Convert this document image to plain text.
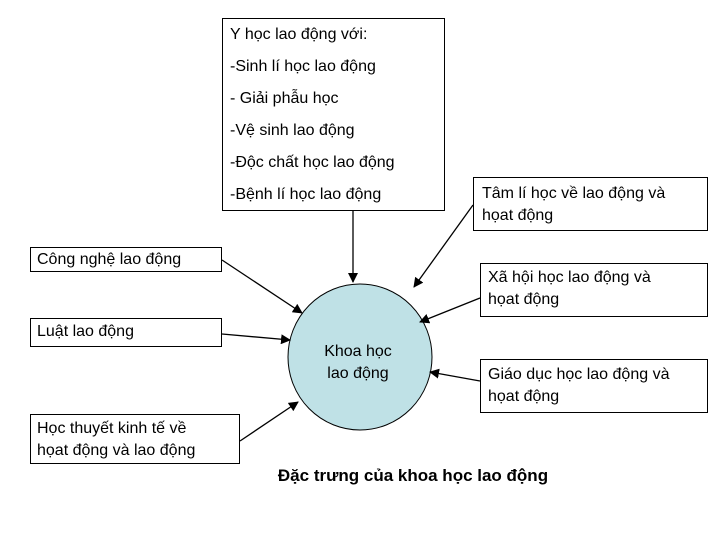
Y học lao động với:
-Sinh lí học lao động
- Giải phẫu học
-Vệ sinh lao động
-Độc chất học lao động
-Bệnh lí học lao động	Tâm lí học về lao động và
họat động
Xã hội học lao động và
họat động
Giáo dục học lao động và
họat động
Công nghệ lao động
Luật lao động
Học thuyết kinh tế về
họat động và lao động
Khoa học
lao động
Đặc trưng của khoa học lao động
